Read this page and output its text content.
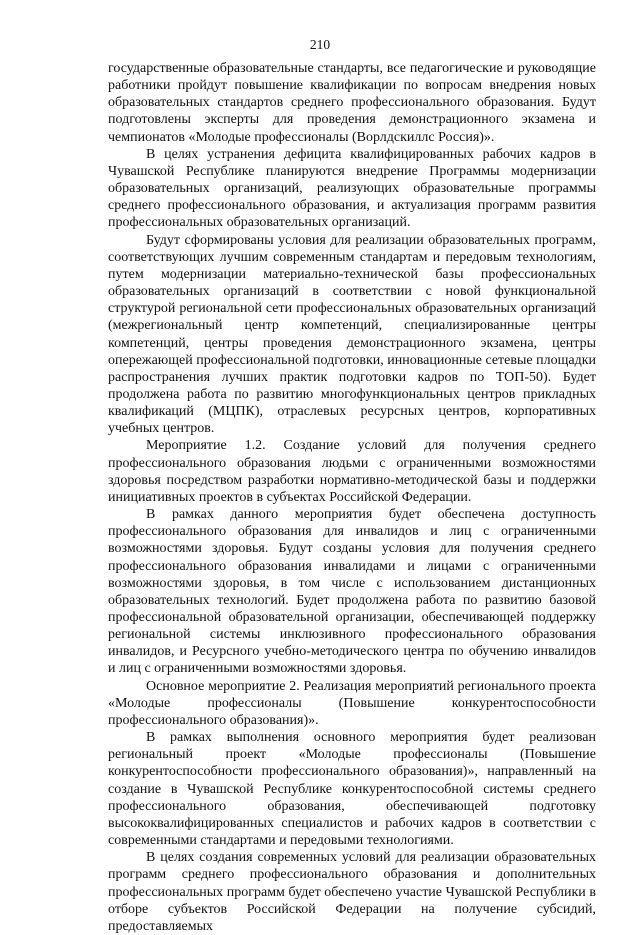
210

государственные образовательные стандарты, все педагогические и руководящие работники пройдут повышение квалификации по вопросам внедрения новых образовательных стандартов среднего профессионального образования. Будут подготовлены эксперты для проведения демонстрационного экзамена и чемпионатов «Молодые профессионалы (Ворлдскиллс Россия)».

В целях устранения дефицита квалифицированных рабочих кадров в Чувашской Республике планируются внедрение Программы модернизации образовательных организаций, реализующих образовательные программы среднего профессионального образования, и актуализация программ развития профессиональных образовательных организаций.

Будут сформированы условия для реализации образовательных программ, соответствующих лучшим современным стандартам и передовым технологиям, путем модернизации материально-технической базы профессиональных образовательных организаций в соответствии с новой функциональной структурой региональной сети профессиональных образовательных организаций (межрегиональный центр компетенций, специализированные центры компетенций, центры проведения демонстрационного экзамена, центры опережающей профессиональной подготовки, инновационные сетевые площадки распространения лучших практик подготовки кадров по ТОП-50). Будет продолжена работа по развитию многофункциональных центров прикладных квалификаций (МЦПК), отраслевых ресурсных центров, корпоративных учебных центров.

Мероприятие 1.2. Создание условий для получения среднего профессионального образования людьми с ограниченными возможностями здоровья посредством разработки нормативно-методической базы и поддержки инициативных проектов в субъектах Российской Федерации.

В рамках данного мероприятия будет обеспечена доступность профессионального образования для инвалидов и лиц с ограниченными возможностями здоровья. Будут созданы условия для получения среднего профессионального образования инвалидами и лицами с ограниченными возможностями здоровья, в том числе с использованием дистанционных образовательных технологий. Будет продолжена работа по развитию базовой профессиональной образовательной организации, обеспечивающей поддержку региональной системы инклюзивного профессионального образования инвалидов, и Ресурсного учебно-методического центра по обучению инвалидов и лиц с ограниченными возможностями здоровья.

Основное мероприятие 2. Реализация мероприятий регионального проекта «Молодые профессионалы (Повышение конкурентоспособности профессионального образования)».

В рамках выполнения основного мероприятия будет реализован региональный проект «Молодые профессионалы (Повышение конкурентоспособности профессионального образования)», направленный на создание в Чувашской Республике конкурентоспособной системы среднего профессионального образования, обеспечивающей подготовку высококвалифицированных специалистов и рабочих кадров в соответствии с современными стандартами и передовыми технологиями.

В целях создания современных условий для реализации образовательных программ среднего профессионального образования и дополнительных профессиональных программ будет обеспечено участие Чувашской Республики в отборе субъектов Российской Федерации на получение субсидий, предоставляемых
